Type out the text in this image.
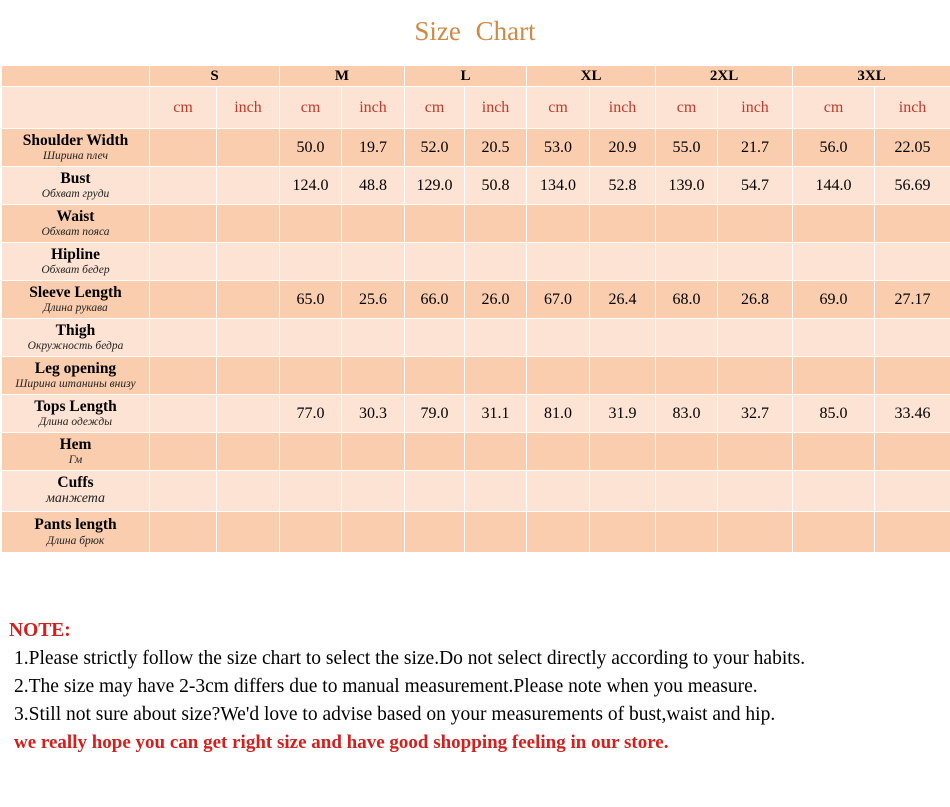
Size Chart
	S		M		L		XL		2XL		3XL	
	cm	inch	cm	inch	cm	inch	cm	inch	cm	inch	cm	inch

Shoulder Width
Ширина плеч			50.0	19.7	52.0	20.5	53.0	20.9	55.0	21.7	56.0	22.05

Bust
Обхват груди			124.0	48.8	129.0	50.8	134.0	52.8	139.0	54.7	144.0	56.69

Waist
Обхват пояса												

Hipline
Обхват бедер												

Sleeve Length
Длина рукава			65.0	25.6	66.0	26.0	67.0	26.4	68.0	26.8	69.0	27.17

Thigh
Окружность бедра												

Leg opening
Ширина штанины внизу												

Tops Length
Длина одежды			77.0	30.3	79.0	31.1	81.0	31.9	83.0	32.7	85.0	33.46

Hem
Гм												

Cuffs
манжета												

Pants length
Длина брюк												

NOTE:
1.Please strictly follow the size chart to select the size.Do not select directly according to your habits.
2.The size may have 2-3cm differs due to manual measurement.Please note when you measure.
3.Still not sure about size?We'd love to advise based on your measurements of bust,waist and hip.
we really hope you can get right size and have good shopping feeling in our store.
